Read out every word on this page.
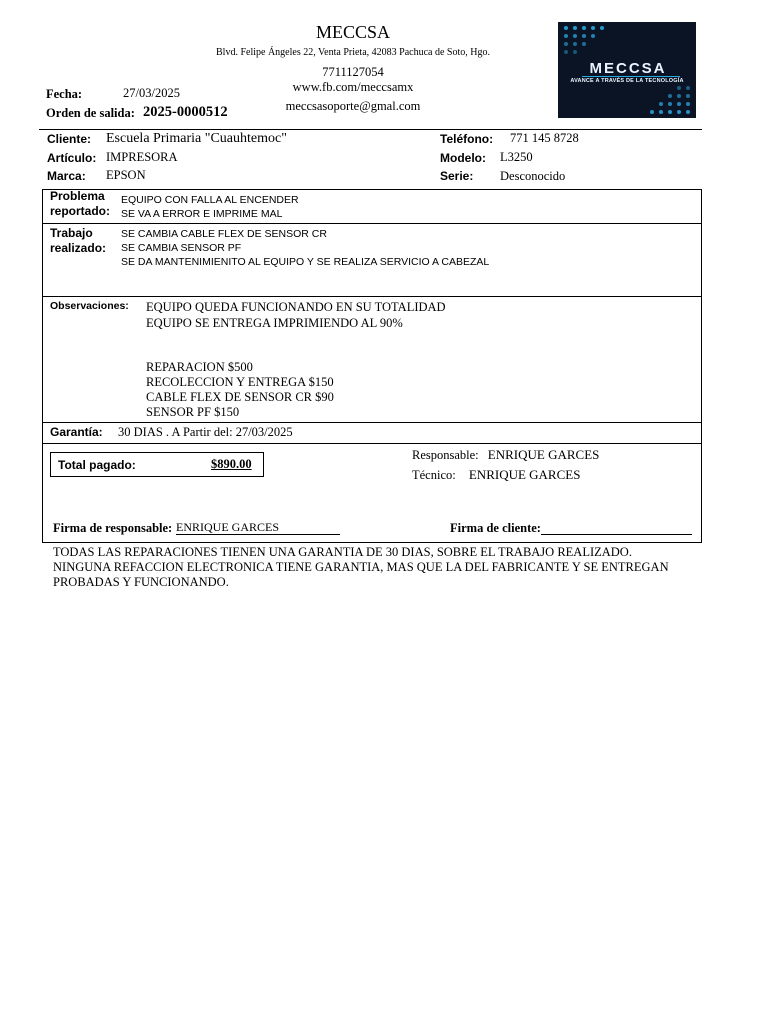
MECCSA
Blvd. Felipe Ángeles 22, Venta Prieta, 42083 Pachuca de Soto, Hgo.
7711127054
www.fb.com/meccsamx
meccsasoporte@gmal.com
Fecha:	27/03/2025
Orden de salida: 2025-0000512
MECCSA
AVANCE A TRAVÉS DE LA TECNOLOGÍA
Cliente: Escuela Primaria "Cuauhtemoc"	Teléfono: 771 145 8728
Artículo: IMPRESORA	Modelo: L3250
Marca: EPSON	Serie: Desconocido
Problema
reportado:
EQUIPO CON FALLA AL ENCENDER
SE VA A ERROR E IMPRIME MAL
Trabajo
realizado:
SE CAMBIA CABLE FLEX DE SENSOR CR
SE CAMBIA SENSOR PF
SE DA MANTENIMIENITO AL EQUIPO Y SE REALIZA SERVICIO A CABEZAL
Observaciones: EQUIPO QUEDA FUNCIONANDO EN SU TOTALIDAD
EQUIPO SE ENTREGA IMPRIMIENDO AL 90%
REPARACION $500
RECOLECCION Y ENTREGA $150
CABLE FLEX DE SENSOR CR $90
SENSOR PF $150
Garantía: 30 DIAS . A Partir del: 27/03/2025
Total pagado:	$890.00
Responsable: ENRIQUE GARCES
Técnico: ENRIQUE GARCES
Firma de responsable: ENRIQUE GARCES	Firma de cliente:
TODAS LAS REPARACIONES TIENEN UNA GARANTIA DE 30 DIAS, SOBRE EL TRABAJO REALIZADO.
NINGUNA REFACCION ELECTRONICA TIENE GARANTIA, MAS QUE LA DEL FABRICANTE Y SE ENTREGAN
PROBADAS Y FUNCIONANDO.
